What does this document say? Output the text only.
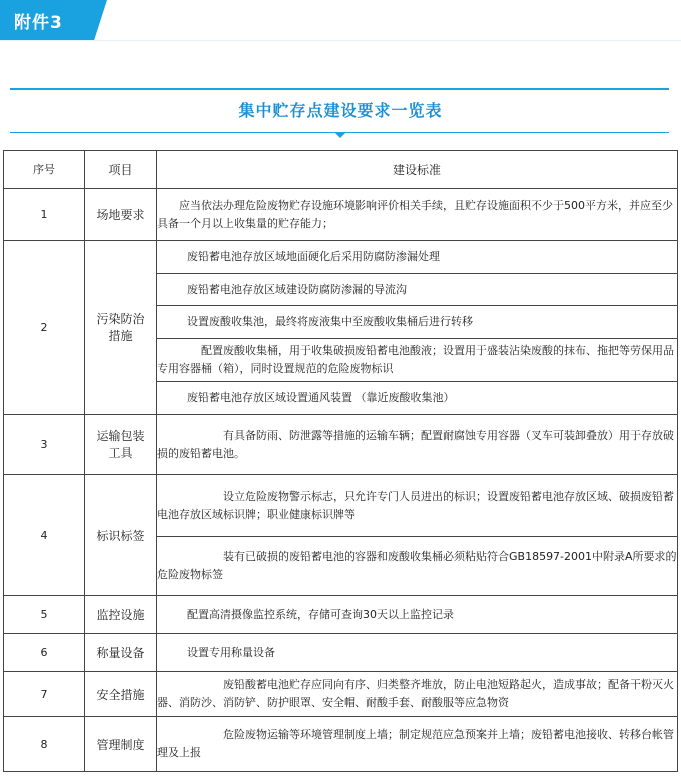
附件3
集中贮存点建设要求一览表
序号	项目	建设标准
1	场地要求	应当依法办理危险废物贮存设施环境影响评价相关手续，且贮存设施面积不少于500平方米，并应至少具备一个月以上收集量的贮存能力；
2	污染防治措施	废铅蓄电池存放区域地面硬化后采用防腐防渗漏处理
		废铅蓄电池存放区域建设防腐防渗漏的导流沟
		设置废酸收集池，最终将废液集中至废酸收集桶后进行转移
		配置废酸收集桶，用于收集破损废铅蓄电池酸液；设置用于盛装沾染废酸的抹布、拖把等劳保用品专用容器桶（箱），同时设置规范的危险废物标识
		废铅蓄电池存放区域设置通风装置 （靠近废酸收集池）
3	运输包装工具	有具备防雨、防泄露等措施的运输车辆；配置耐腐蚀专用容器（叉车可装卸叠放）用于存放破损的废铅蓄电池。
4	标识标签	设立危险废物警示标志，只允许专门人员进出的标识；设置废铅蓄电池存放区域、破损废铅蓄电池存放区域标识牌；职业健康标识牌等
		装有已破损的废铅蓄电池的容器和废酸收集桶必须粘贴符合GB18597-2001中附录A所要求的危险废物标签
5	监控设施	配置高清摄像监控系统，存储可查询30天以上监控记录
6	称量设备	设置专用称量设备
7	安全措施	废铅酸蓄电池贮存应同向有序、归类整齐堆放，防止电池短路起火，造成事故；配备干粉灭火器、消防沙、消防铲、防护眼罩、安全帽、耐酸手套、耐酸服等应急物资
8	管理制度	危险废物运输等环境管理制度上墙；制定规范应急预案并上墙；废铅蓄电池接收、转移台帐管理及上报
